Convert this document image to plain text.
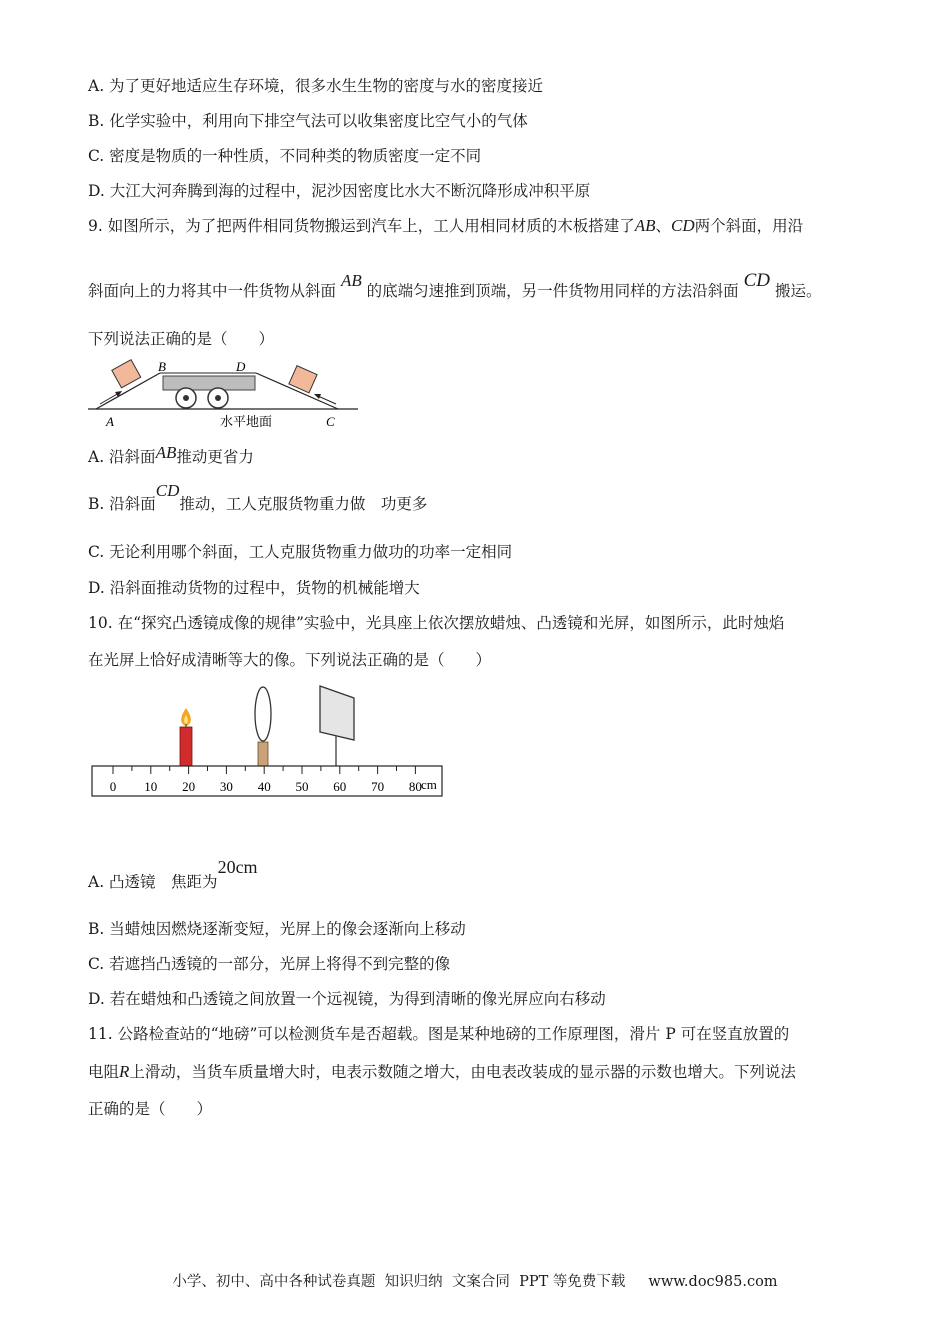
A. 为了更好地适应生存环境，很多水生生物的密度与水的密度接近
B. 化学实验中，利用向下排空气法可以收集密度比空气小的气体
C. 密度是物质的一种性质，不同种类的物质密度一定不同
D. 大江大河奔腾到海的过程中，泥沙因密度比水大不断沉降形成冲积平原
9. 如图所示，为了把两件相同货物搬运到汽车上，工人用相同材质的木板搭建了AB、CD两个斜面，用沿
斜面向上的力将其中一件货物从斜面 AB 的底端匀速推到顶端，另一件货物用同样的方法沿斜面 CD 搬运。
下列说法正确的是（　　）
A
B	D
C
水平地面
A. 沿斜面AB推动更省力
B. 沿斜面CD推动，工人克服货物重力做　功更多
C. 无论利用哪个斜面，工人克服货物重力做功的功率一定相同
D. 沿斜面推动货物的过程中，货物的机械能增大
10. 在“探究凸透镜成像的规律”实验中，光具座上依次摆放蜡烛、凸透镜和光屏，如图所示，此时烛焰
在光屏上恰好成清晰等大的像。下列说法正确的是（　　）
0 10 20 30 40 50 60 70 80 cm
A. 凸透镜　焦距为20cm
B. 当蜡烛因燃烧逐渐变短，光屏上的像会逐渐向上移动
C. 若遮挡凸透镜的一部分，光屏上将得不到完整的像
D. 若在蜡烛和凸透镜之间放置一个远视镜，为得到清晰的像光屏应向右移动
11. 公路检查站的“地磅”可以检测货车是否超载。图是某种地磅的工作原理图，滑片 P 可在竖直放置的
电阻R上滑动，当货车质量增大时，电表示数随之增大，由电表改装成的显示器的示数也增大。下列说法
正确的是（　　）
小学、初中、高中各种试卷真题  知识归纳  文案合同  PPT 等免费下载     www.doc985.com
